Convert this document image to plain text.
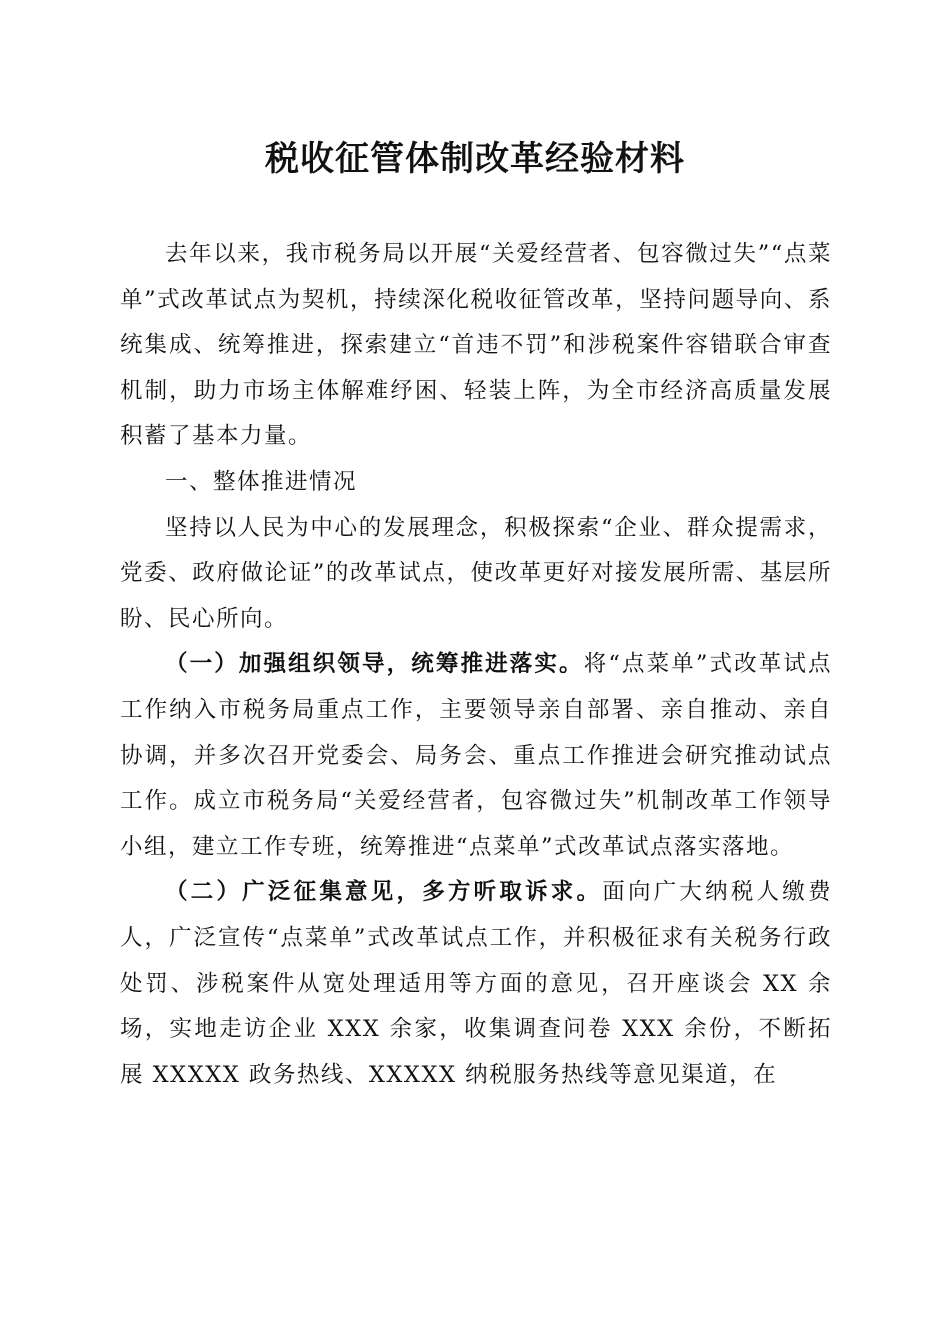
税收征管体制改革经验材料

去年以来，我市税务局以开展“关爱经营者、包容微过失”“点菜单”式改革试点为契机，持续深化税收征管改革，坚持问题导向、系统集成、统筹推进，探索建立“首违不罚”和涉税案件容错联合审查机制，助力市场主体解难纾困、轻装上阵，为全市经济高质量发展积蓄了基本力量。

一、整体推进情况

坚持以人民为中心的发展理念，积极探索“企业、群众提需求，党委、政府做论证”的改革试点，使改革更好对接发展所需、基层所盼、民心所向。

（一）加强组织领导，统筹推进落实。将“点菜单”式改革试点工作纳入市税务局重点工作，主要领导亲自部署、亲自推动、亲自协调，并多次召开党委会、局务会、重点工作推进会研究推动试点工作。成立市税务局“关爱经营者，包容微过失”机制改革工作领导小组，建立工作专班，统筹推进“点菜单”式改革试点落实落地。

（二）广泛征集意见，多方听取诉求。面向广大纳税人缴费人，广泛宣传“点菜单”式改革试点工作，并积极征求有关税务行政处罚、涉税案件从宽处理适用等方面的意见，召开座谈会 XX 余场，实地走访企业 XXX 余家，收集调查问卷 XXX 余份，不断拓展 XXXXX 政务热线、XXXXX 纳税服务热线等意见渠道，在
